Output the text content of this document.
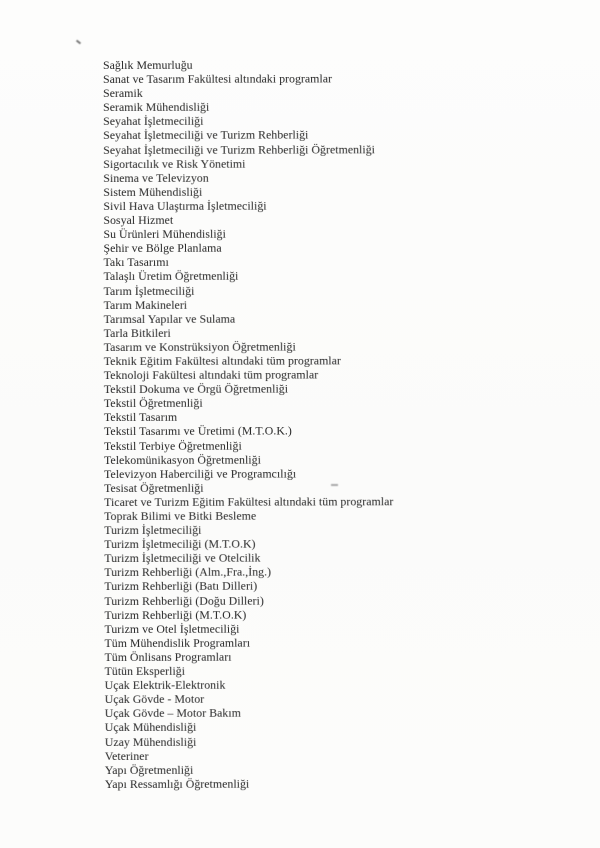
Sağlık Memurluğu
Sanat ve Tasarım Fakültesi altındaki programlar
Seramik
Seramik Mühendisliği
Seyahat İşletmeciliği
Seyahat İşletmeciliği ve Turizm Rehberliği
Seyahat İşletmeciliği ve Turizm Rehberliği Öğretmenliği
Sigortacılık ve Risk Yönetimi
Sinema ve Televizyon
Sistem Mühendisliği
Sivil Hava Ulaştırma İşletmeciliği
Sosyal Hizmet
Su Ürünleri Mühendisliği
Şehir ve Bölge Planlama
Takı Tasarımı
Talaşlı Üretim Öğretmenliği
Tarım İşletmeciliği
Tarım Makineleri
Tarımsal Yapılar ve Sulama
Tarla Bitkileri
Tasarım ve Konstrüksiyon Öğretmenliği
Teknik Eğitim Fakültesi altındaki tüm programlar
Teknoloji Fakültesi altındaki tüm programlar
Tekstil Dokuma ve Örgü Öğretmenliği
Tekstil Öğretmenliği
Tekstil Tasarım
Tekstil Tasarımı ve Üretimi (M.T.O.K.)
Tekstil Terbiye Öğretmenliği
Telekomünikasyon Öğretmenliği
Televizyon Haberciliği ve Programcılığı
Tesisat Öğretmenliği
Ticaret ve Turizm Eğitim Fakültesi altındaki tüm programlar
Toprak Bilimi ve Bitki Besleme
Turizm İşletmeciliği
Turizm İşletmeciliği (M.T.O.K)
Turizm İşletmeciliği ve Otelcilik
Turizm Rehberliği (Alm.,Fra.,İng.)
Turizm Rehberliği (Batı Dilleri)
Turizm Rehberliği (Doğu Dilleri)
Turizm Rehberliği (M.T.O.K)
Turizm ve Otel İşletmeciliği
Tüm Mühendislik Programları
Tüm Önlisans Programları
Tütün Eksperliği
Uçak Elektrik-Elektronik
Uçak Gövde - Motor
Uçak Gövde – Motor Bakım
Uçak Mühendisliği
Uzay Mühendisliği
Veteriner
Yapı Öğretmenliği
Yapı Ressamlığı Öğretmenliği
